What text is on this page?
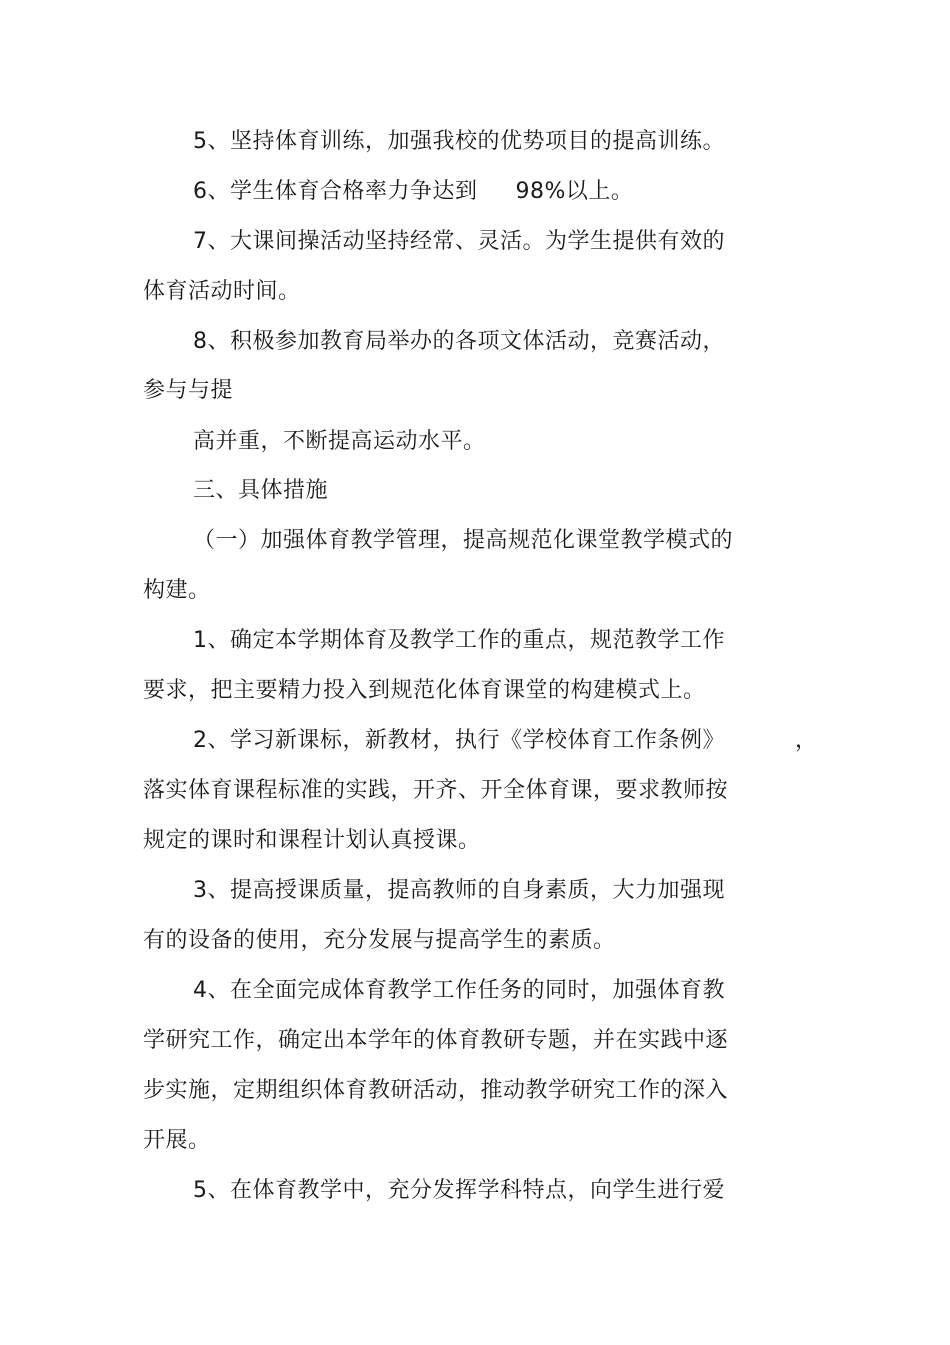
5、坚持体育训练，加强我校的优势项目的提高训练。
6、学生体育合格率力争达到 98%以上。
7、大课间操活动坚持经常、灵活。为学生提供有效的
体育活动时间。
8、积极参加教育局举办的各项文体活动，竞赛活动，
参与与提
高并重，不断提高运动水平。
三、具体措施
（一）加强体育教学管理，提高规范化课堂教学模式的
构建。
1、确定本学期体育及教学工作的重点，规范教学工作
要求，把主要精力投入到规范化体育课堂的构建模式上。
2、学习新课标，新教材，执行《学校体育工作条例》	，
落实体育课程标准的实践，开齐、开全体育课，要求教师按
规定的课时和课程计划认真授课。
3、提高授课质量，提高教师的自身素质，大力加强现
有的设备的使用，充分发展与提高学生的素质。
4、在全面完成体育教学工作任务的同时，加强体育教
学研究工作，确定出本学年的体育教研专题，并在实践中逐
步实施，定期组织体育教研活动，推动教学研究工作的深入
开展。
5、在体育教学中，充分发挥学科特点，向学生进行爱
